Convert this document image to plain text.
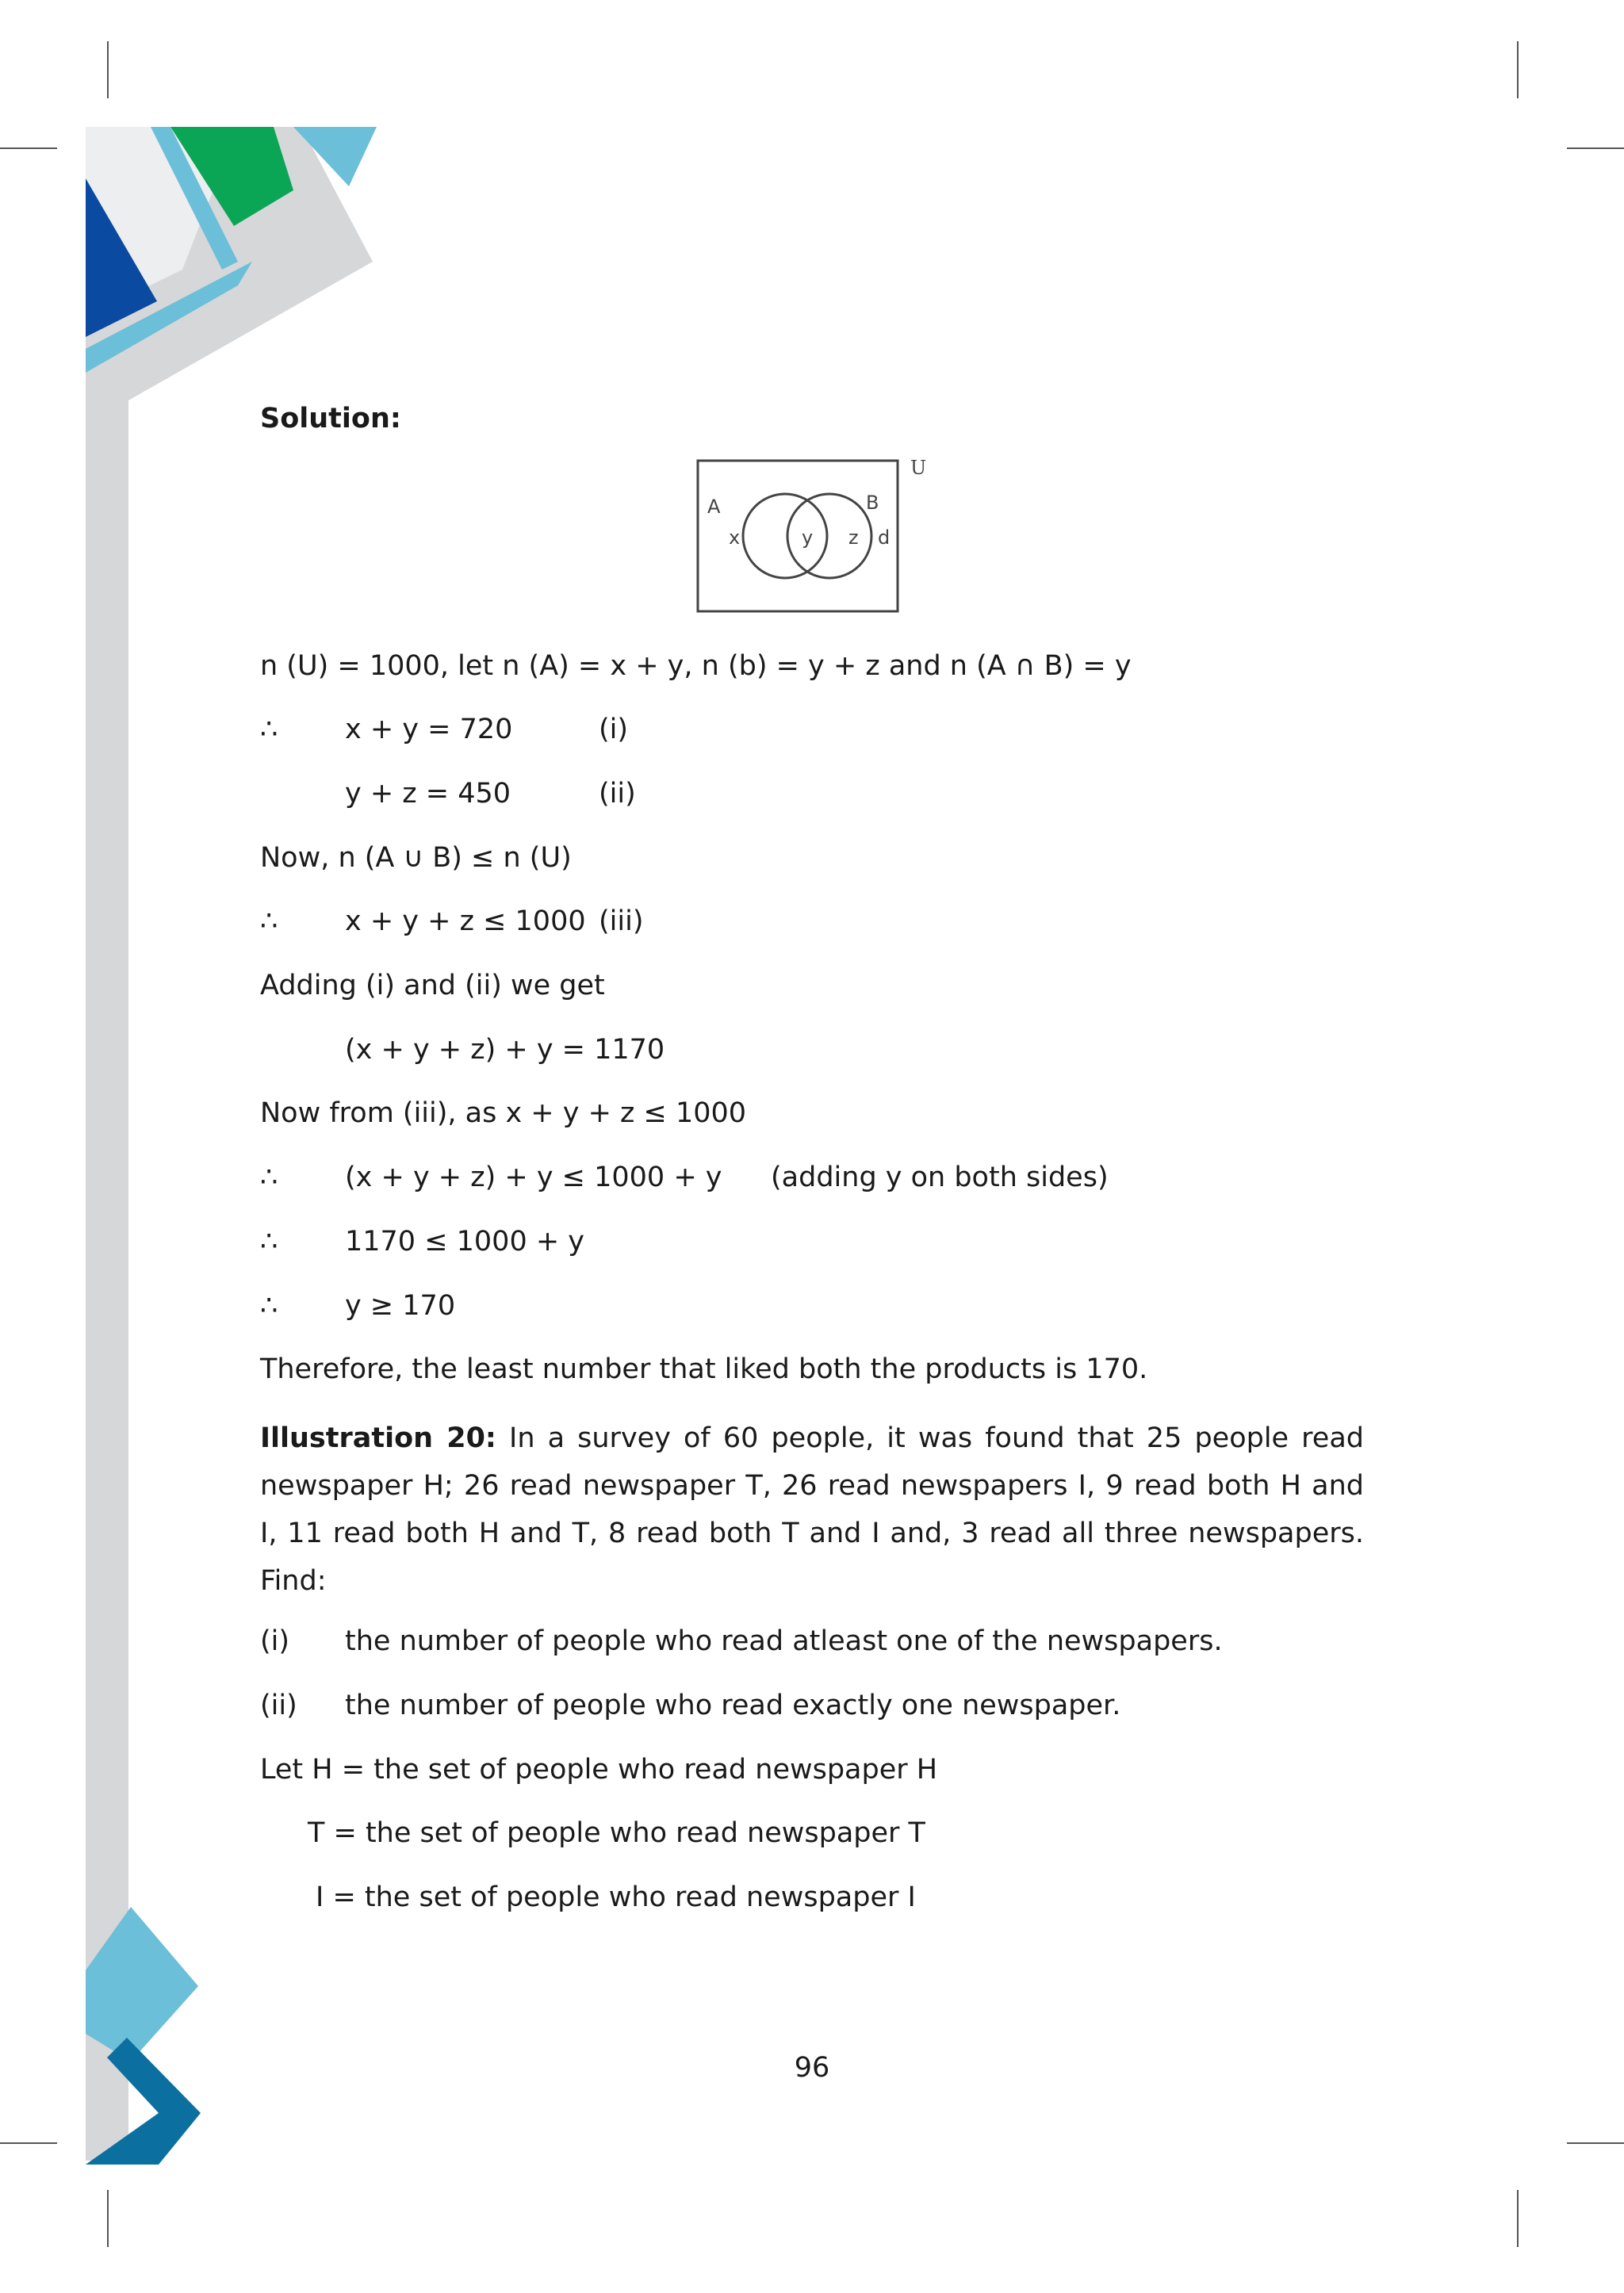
Solution:
U
A	B
x	y z d
n (U) = 1000, let n (A) = x + y, n (b) = y + z and n (A ∩ B) = y
∴ x + y = 720	(i)
y + z = 450	(ii)
Now, n (A ∪ B) ≤ n (U)
∴ x + y + z ≤ 1000 (iii)
Adding (i) and (ii) we get
(x + y + z) + y = 1170
Now from (iii), as x + y + z ≤ 1000
∴ (x + y + z) + y ≤ 1000 + y (adding y on both sides)
∴ 1170 ≤ 1000 + y
∴ y ≥ 170
Therefore, the least number that liked both the products is 170.
Illustration 20: In a survey of 60 people, it was found that 25 people read newspaper H; 26 read newspaper T, 26 read newspapers I, 9 read both H and I, 11 read both H and T, 8 read both T and I and, 3 read all three newspapers. Find:
(i) the number of people who read atleast one of the newspapers.
(ii) the number of people who read exactly one newspaper.
Let H = the set of people who read newspaper H
T = the set of people who read newspaper T
I = the set of people who read newspaper I
96
